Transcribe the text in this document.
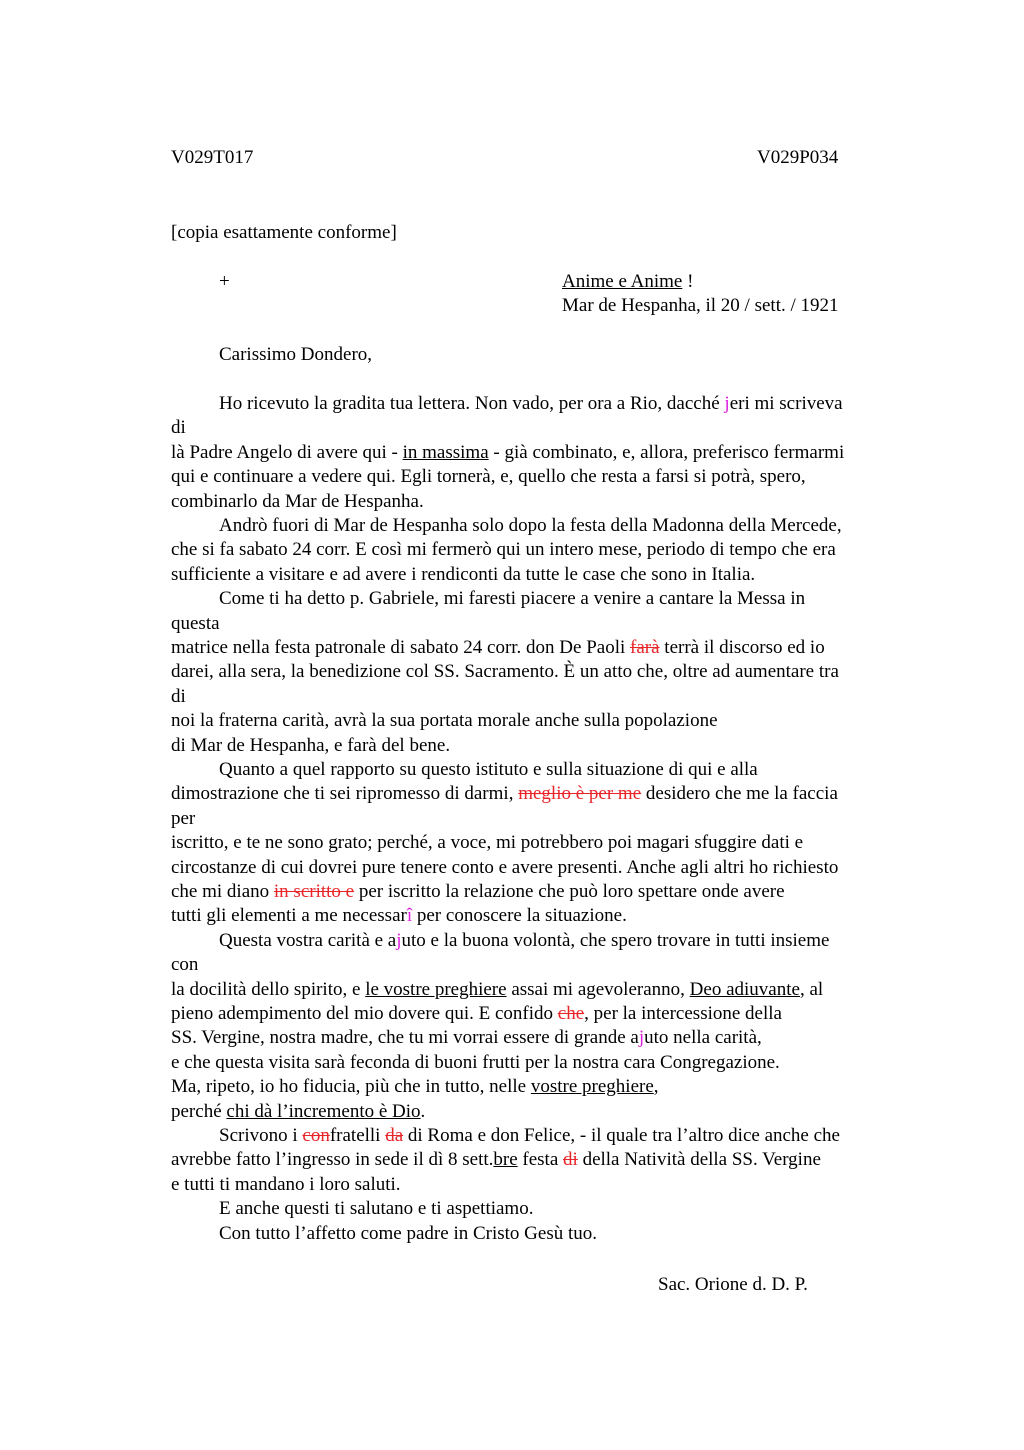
V029T017	V029P034
[copia esattamente conforme]
+	Anime e Anime !
Mar de Hespanha, il 20 / sett. / 1921
Carissimo Dondero,
Ho ricevuto la gradita tua lettera. Non vado, per ora a Rio, dacché jeri mi scriveva
di
là Padre Angelo di avere qui - in massima - già combinato, e, allora, preferisco fermarmi
qui e continuare a vedere qui. Egli tornerà, e, quello che resta a farsi si potrà, spero,
combinarlo da Mar de Hespanha.
Andrò fuori di Mar de Hespanha solo dopo la festa della Madonna della Mercede,
che si fa sabato 24 corr. E così mi fermerò qui un intero mese, periodo di tempo che era
sufficiente a visitare e ad avere i rendiconti da tutte le case che sono in Italia.
Come ti ha detto p. Gabriele, mi faresti piacere a venire a cantare la Messa in
questa
matrice nella festa patronale di sabato 24 corr. don De Paoli farà terrà il discorso ed io
darei, alla sera, la benedizione col SS. Sacramento. È un atto che, oltre ad aumentare tra
di
noi la fraterna carità, avrà la sua portata morale anche sulla popolazione
di Mar de Hespanha, e farà del bene.
Quanto a quel rapporto su questo istituto e sulla situazione di qui e alla
dimostrazione che ti sei ripromesso di darmi, meglio è per me desidero che me la faccia
per
iscritto, e te ne sono grato; perché, a voce, mi potrebbero poi magari sfuggire dati e
circostanze di cui dovrei pure tenere conto e avere presenti. Anche agli altri ho richiesto
che mi diano in scritto e per iscritto la relazione che può loro spettare onde avere
tutti gli elementi a me necessarî per conoscere la situazione.
Questa vostra carità e ajuto e la buona volontà, che spero trovare in tutti insieme
con
la docilità dello spirito, e le vostre preghiere assai mi agevoleranno, Deo adiuvante, al
pieno adempimento del mio dovere qui. E confido che, per la intercessione della
SS. Vergine, nostra madre, che tu mi vorrai essere di grande ajuto nella carità,
e che questa visita sarà feconda di buoni frutti per la nostra cara Congregazione.
Ma, ripeto, io ho fiducia, più che in tutto, nelle vostre preghiere,
perché chi dà l’incremento è Dio.
Scrivono i confratelli da di Roma e don Felice, - il quale tra l’altro dice anche che
avrebbe fatto l’ingresso in sede il dì 8 sett.bre festa di della Natività della SS. Vergine
e tutti ti mandano i loro saluti.
E anche questi ti salutano e ti aspettiamo.
Con tutto l’affetto come padre in Cristo Gesù tuo.
Sac. Orione d. D. P.
